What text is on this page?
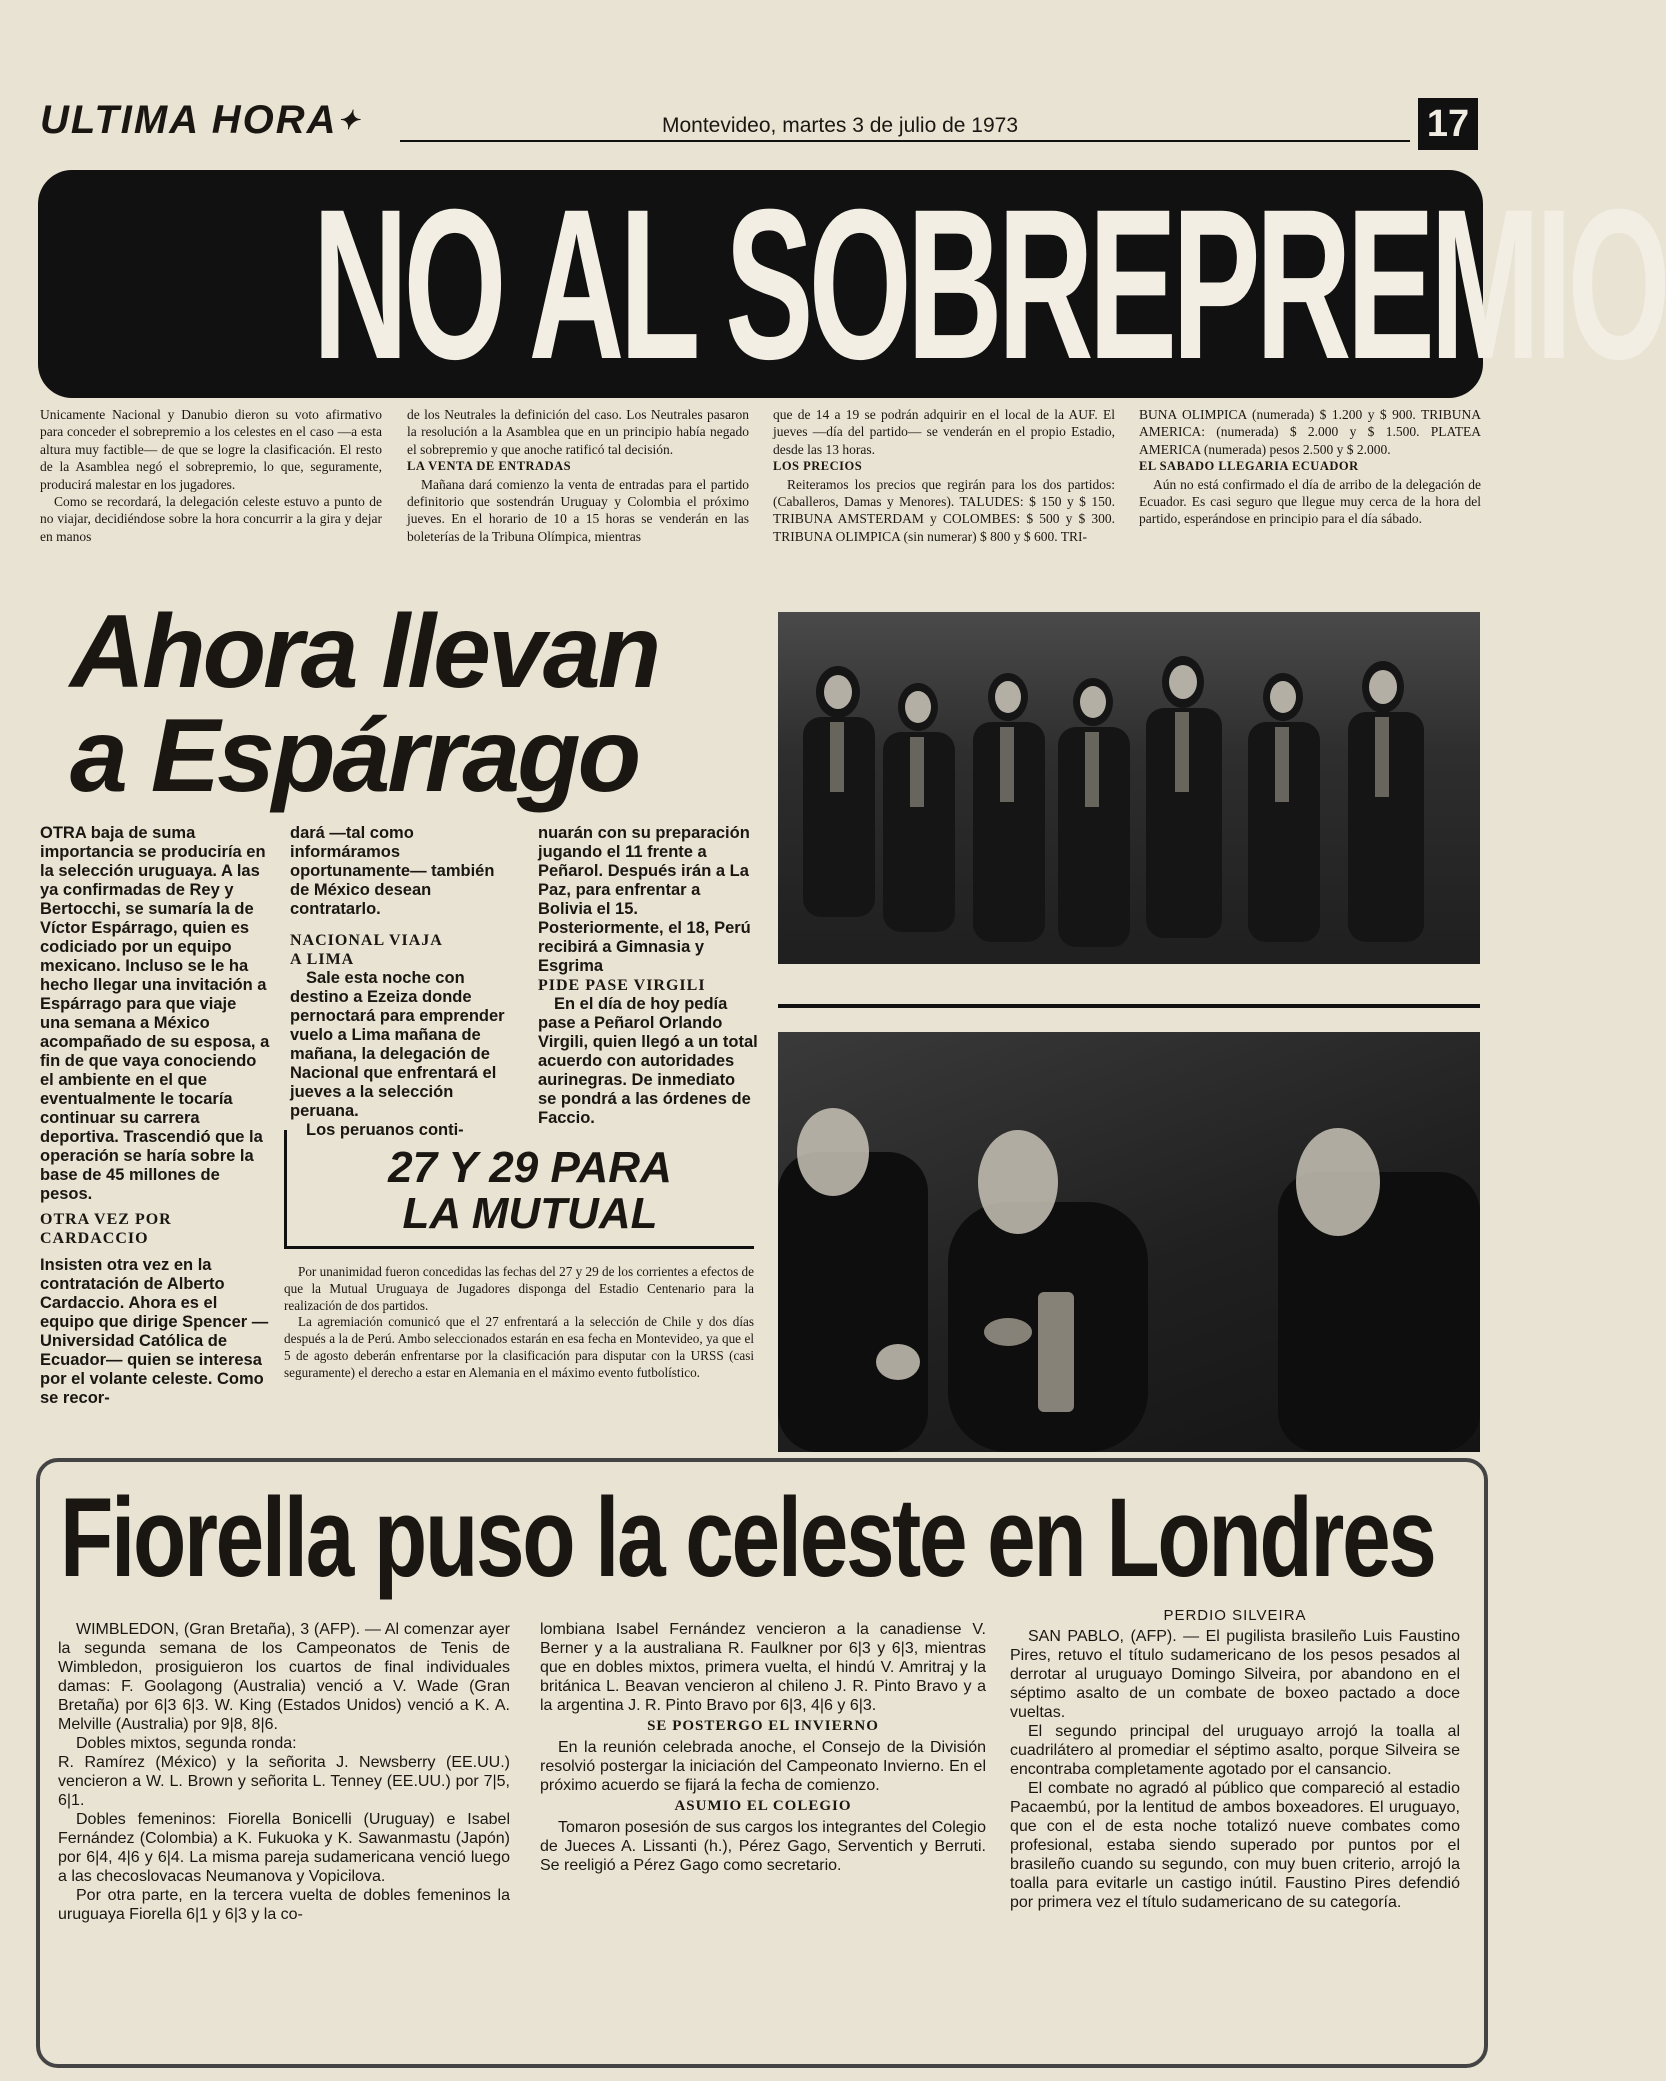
ULTIMA HORA✦	Montevideo, martes 3 de julio de 1973	17
NO AL SOBREPREMIO

Unicamente Nacional y Danubio dieron su voto afirmativo para conceder el sobrepremio a los celestes en el caso —a esta altura muy factible— de que se logre la clasificación. El resto de la Asamblea negó el sobrepremio, lo que, seguramente, producirá malestar en los jugadores.

Como se recordará, la delegación celeste estuvo a punto de no viajar, decidiéndose sobre la hora concurrir a la gira y dejar en manos

de los Neutrales la definición del caso. Los Neutrales pasaron la resolución a la Asamblea que en un principio había negado el sobrepremio y que anoche ratificó tal decisión.

LA VENTA DE ENTRADAS

Mañana dará comienzo la venta de entradas para el partido definitorio que sostendrán Uruguay y Colombia el próximo jueves. En el horario de 10 a 15 horas se venderán en las boleterías de la Tribuna Olímpica, mientras

que de 14 a 19 se podrán adquirir en el local de la AUF. El jueves —día del partido— se venderán en el propio Estadio, desde las 13 horas.

LOS PRECIOS

Reiteramos los precios que regirán para los dos partidos: (Caballeros, Damas y Menores). TALUDES: $ 150 y $ 150. TRIBUNA AMSTERDAM y COLOMBES: $ 500 y $ 300. TRIBUNA OLIMPICA (sin numerar) $ 800 y $ 600. TRI-

BUNA OLIMPICA (numerada) $ 1.200 y $ 900. TRIBUNA AMERICA: (numerada) $ 2.000 y $ 1.500. PLATEA AMERICA (numerada) pesos 2.500 y $ 2.000.

EL SABADO LLEGARIA ECUADOR

Aún no está confirmado el día de arribo de la delegación de Ecuador. Es casi seguro que llegue muy cerca de la hora del partido, esperándose en principio para el día sábado.

Ahora llevan
a Espárrago

OTRA baja de suma importancia se produciría en la selección uruguaya. A las ya confirmadas de Rey y Bertocchi, se sumaría la de Víctor Espárrago, quien es codiciado por un equipo mexicano. Incluso se le ha hecho llegar una invitación a Espárrago para que viaje una semana a México acompañado de su esposa, a fin de que vaya conociendo el ambiente en el que eventualmente le tocaría continuar su carrera deportiva. Trascendió que la operación se haría sobre la base de 45 millones de pesos.

OTRA VEZ POR
CARDACCIO

Insisten otra vez en la contratación de Alberto Cardaccio. Ahora es el equipo que dirige Spencer —Universidad Católica de Ecuador— quien se interesa por el volante celeste. Como se recor-

dará —tal como informáramos oportunamente— también de México desean contratarlo.

NACIONAL VIAJA
A LIMA

Sale esta noche con destino a Ezeiza donde pernoctará para emprender vuelo a Lima mañana de mañana, la delegación de Nacional que enfrentará el jueves a la selección peruana.

Los peruanos conti-

nuarán con su preparación jugando el 11 frente a Peñarol. Después irán a La Paz, para enfrentar a Bolivia el 15. Posteriormente, el 18, Perú recibirá a Gimnasia y Esgrima

PIDE PASE VIRGILI

En el día de hoy pedía pase a Peñarol Orlando Virgili, quien llegó a un total acuerdo con autoridades aurinegras. De inmediato se pondrá a las órdenes de Faccio.

27 Y 29 PARA
LA MUTUAL

Por unanimidad fueron concedidas las fechas del 27 y 29 de los corrientes a efectos de que la Mutual Uruguaya de Jugadores disponga del Estadio Centenario para la realización de dos partidos.

La agremiación comunicó que el 27 enfrentará a la selección de Chile y dos días después a la de Perú. Ambo seleccionados estarán en esa fecha en Montevideo, ya que el 5 de agosto deberán enfrentarse por la clasificación para disputar con la URSS (casi seguramente) el derecho a estar en Alemania en el máximo evento futbolístico.

Fiorella puso la celeste en Londres

WIMBLEDON, (Gran Bretaña), 3 (AFP). — Al comenzar ayer la segunda semana de los Campeonatos de Tenis de Wimbledon, prosiguieron los cuartos de final individuales damas: F. Goolagong (Australia) venció a V. Wade (Gran Bretaña) por 6|3 6|3. W. King (Estados Unidos) venció a K. A. Melville (Australia) por 9|8, 8|6.

Dobles mixtos, segunda ronda:

R. Ramírez (México) y la señorita J. Newsberry (EE.UU.) vencieron a W. L. Brown y señorita L. Tenney (EE.UU.) por 7|5, 6|1.

Dobles femeninos: Fiorella Bonicelli (Uruguay) e Isabel Fernández (Colombia) a K. Fukuoka y K. Sawanmastu (Japón) por 6|4, 4|6 y 6|4. La misma pareja sudamericana venció luego a las checoslovacas Neumanova y Vopicilova.

Por otra parte, en la tercera vuelta de dobles femeninos la uruguaya Fiorella 6|1 y 6|3 y la co-

lombiana Isabel Fernández vencieron a la canadiense V. Berner y a la australiana R. Faulkner por 6|3 y 6|3, mientras que en dobles mixtos, primera vuelta, el hindú V. Amritraj y la británica L. Beavan vencieron al chileno J. R. Pinto Bravo y a la argentina J. R. Pinto Bravo por 6|3, 4|6 y 6|3.

SE POSTERGO EL INVIERNO

En la reunión celebrada anoche, el Consejo de la División resolvió postergar la iniciación del Campeonato Invierno. En el próximo acuerdo se fijará la fecha de comienzo.

ASUMIO EL COLEGIO

Tomaron posesión de sus cargos los integrantes del Colegio de Jueces A. Lissanti (h.), Pérez Gago, Serventich y Berruti. Se reeligió a Pérez Gago como secretario.

PERDIO SILVEIRA

SAN PABLO, (AFP). — El pugilista brasileño Luis Faustino Pires, retuvo el título sudamericano de los pesos pesados al derrotar al uruguayo Domingo Silveira, por abandono en el séptimo asalto de un combate de boxeo pactado a doce vueltas.

El segundo principal del uruguayo arrojó la toalla al cuadrilátero al promediar el séptimo asalto, porque Silveira se encontraba completamente agotado por el cansancio.

El combate no agradó al público que compareció al estadio Pacaembú, por la lentitud de ambos boxeadores. El uruguayo, que con el de esta noche totalizó nueve combates como profesional, estaba siendo superado por puntos por el brasileño cuando su segundo, con muy buen criterio, arrojó la toalla para evitarle un castigo inútil. Faustino Pires defendió por primera vez el título sudamericano de su categoría.
